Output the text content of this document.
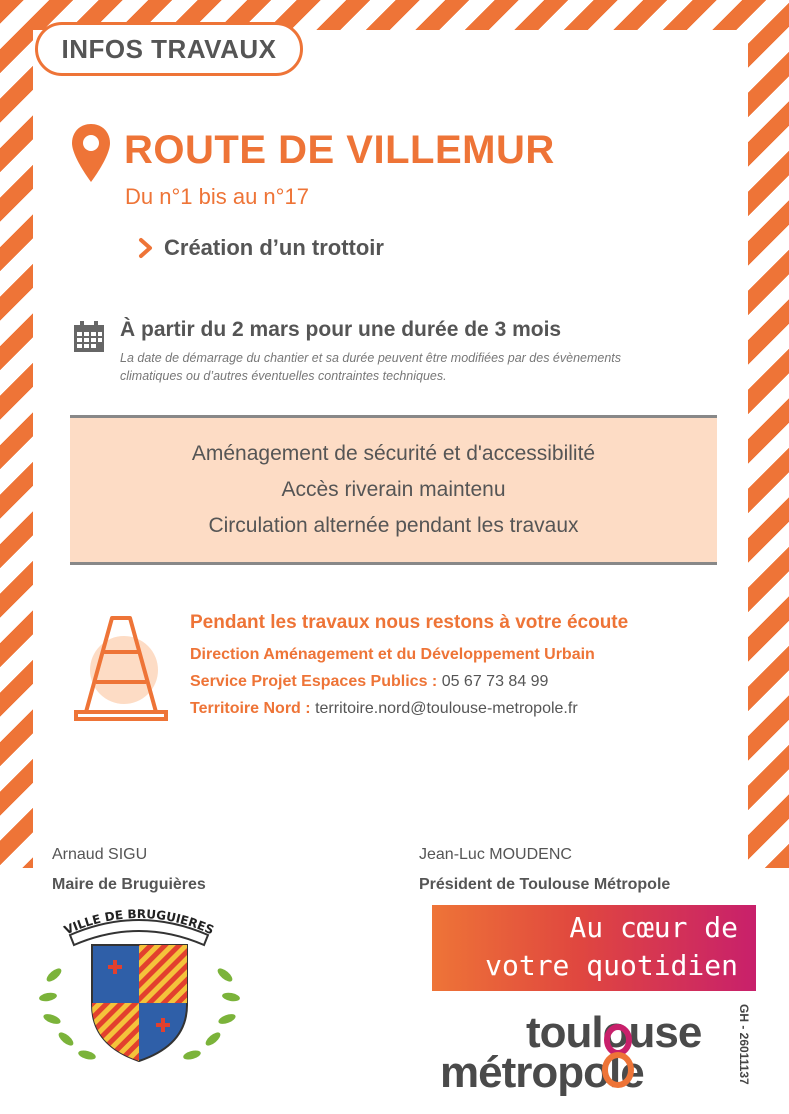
INFOS TRAVAUX
ROUTE DE VILLEMUR
Du n°1 bis au n°17
Création d’un trottoir
À partir du 2 mars pour une durée de 3 mois
La date de démarrage du chantier et sa durée peuvent être modifiées par des évènements climatiques ou d’autres éventuelles contraintes techniques.
Aménagement de sécurité et d'accessibilité
Accès riverain maintenu
Circulation alternée pendant les travaux
Pendant les travaux nous restons à votre écoute
Direction Aménagement et du Développement Urbain
Service Projet Espaces Publics : 05 67 73 84 99
Territoire Nord : territoire.nord@toulouse-metropole.fr
Arnaud SIGU
Maire de Bruguières
Jean-Luc MOUDENC
Président de Toulouse Métropole
VILLE DE BRUGUIERES	Au cœur de
votre quotidien
GH - 26011137
toulouse
métropole
